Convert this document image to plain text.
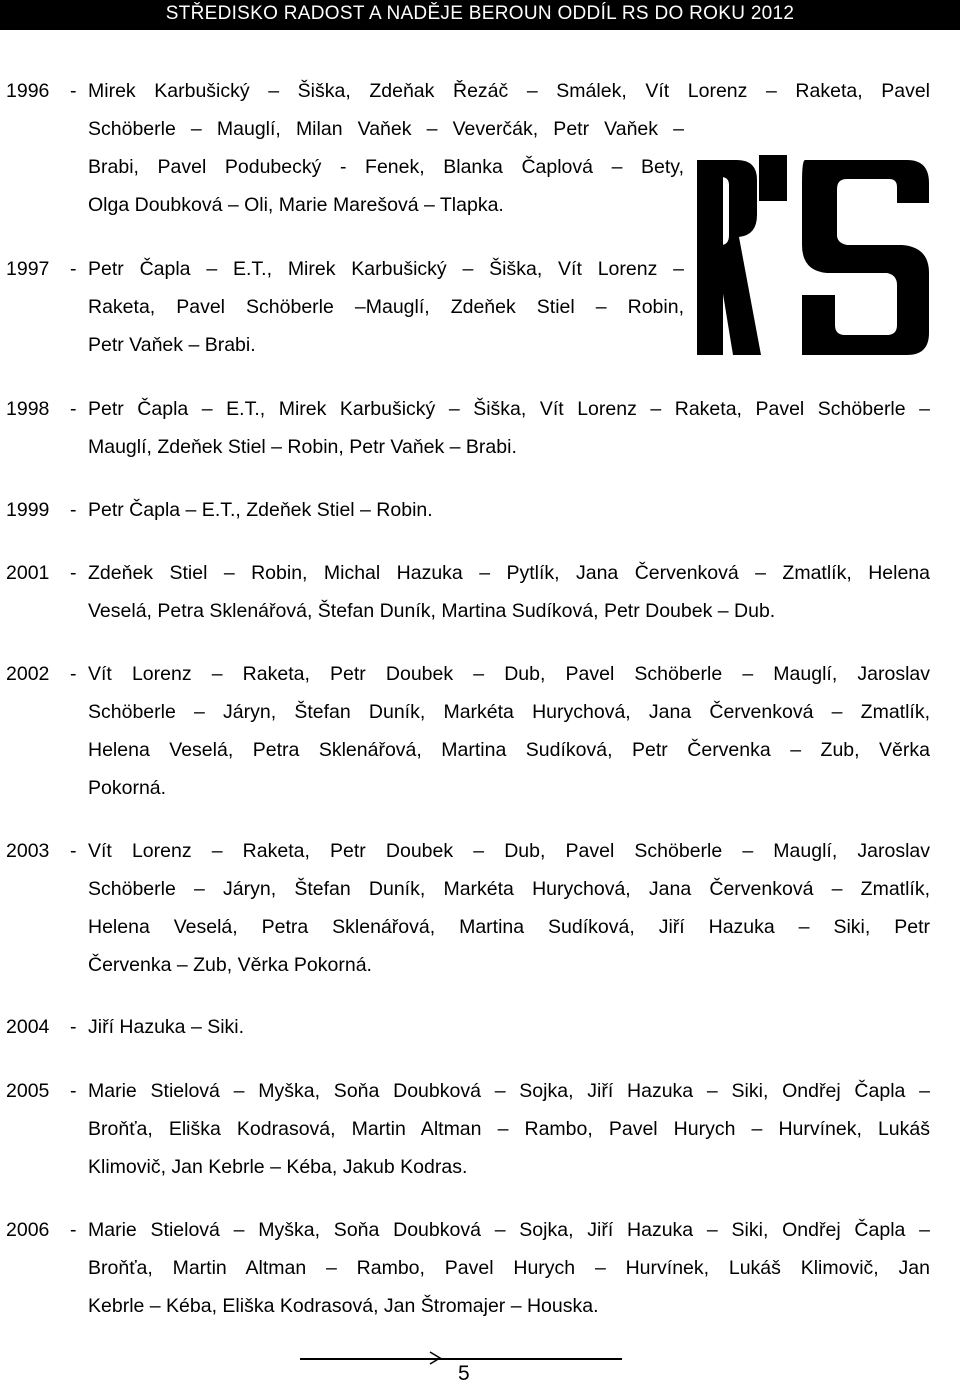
STŘEDISKO RADOST A NADĚJE BEROUN ODDÍL RS DO ROKU 2012
1996 - Mirek Karbušický – Šiška, Zdeňak Řezáč – Smálek, Vít Lorenz – Raketa, Pavel
Schöberle – Mauglí, Milan Vaňek – Veverčák, Petr Vaňek –
Brabi, Pavel Podubecký - Fenek, Blanka Čaplová – Bety,
Olga Doubková – Oli, Marie Marešová – Tlapka.
1997 - Petr Čapla – E.T., Mirek Karbušický – Šiška, Vít Lorenz –
Raketa, Pavel Schöberle –Mauglí, Zdeňek Stiel – Robin,
Petr Vaňek – Brabi.
1998 - Petr Čapla – E.T., Mirek Karbušický – Šiška, Vít Lorenz – Raketa, Pavel Schöberle –
Mauglí, Zdeňek Stiel – Robin, Petr Vaňek – Brabi.
1999 - Petr Čapla – E.T., Zdeňek Stiel – Robin.
2001 - Zdeňek Stiel – Robin, Michal Hazuka – Pytlík, Jana Červenková – Zmatlík, Helena
Veselá, Petra Sklenářová, Štefan Duník, Martina Sudíková, Petr Doubek – Dub.
2002 - Vít Lorenz – Raketa, Petr Doubek – Dub, Pavel Schöberle – Mauglí, Jaroslav
Schöberle – Járyn, Štefan Duník, Markéta Hurychová, Jana Červenková – Zmatlík,
Helena Veselá, Petra Sklenářová, Martina Sudíková, Petr Červenka – Zub, Věrka
Pokorná.
2003 - Vít Lorenz – Raketa, Petr Doubek – Dub, Pavel Schöberle – Mauglí, Jaroslav
Schöberle – Járyn, Štefan Duník, Markéta Hurychová, Jana Červenková – Zmatlík,
Helena Veselá, Petra Sklenářová, Martina Sudíková, Jiří Hazuka – Siki, Petr
Červenka – Zub, Věrka Pokorná.
2004 - Jiří Hazuka – Siki.
2005 - Marie Stielová – Myška, Soňa Doubková – Sojka, Jiří Hazuka – Siki, Ondřej Čapla –
Broňťa, Eliška Kodrasová, Martin Altman – Rambo, Pavel Hurych – Hurvínek, Lukáš
Klimovič, Jan Kebrle – Kéba, Jakub Kodras.
2006 - Marie Stielová – Myška, Soňa Doubková – Sojka, Jiří Hazuka – Siki, Ondřej Čapla –
Broňťa, Martin Altman – Rambo, Pavel Hurych – Hurvínek, Lukáš Klimovič, Jan
Kebrle – Kéba, Eliška Kodrasová, Jan Štromajer – Houska.
5
